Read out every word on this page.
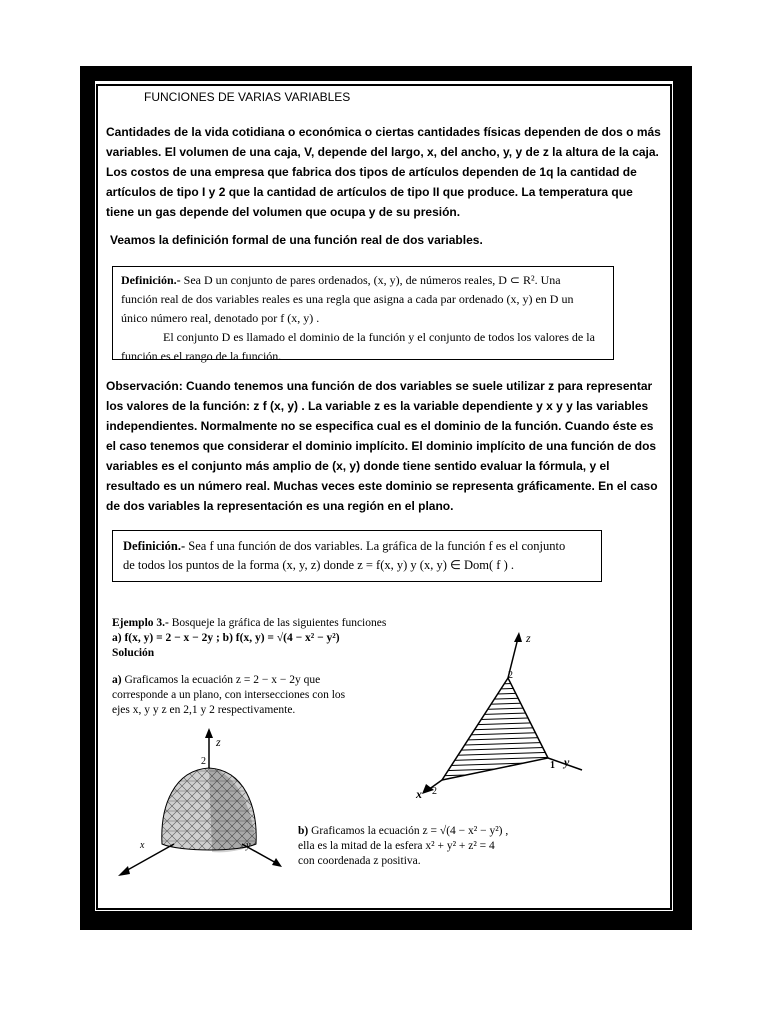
FUNCIONES DE VARIAS VARIABLES
Cantidades de la vida cotidiana o económica o ciertas cantidades físicas dependen de dos o más variables. El volumen de una caja, V, depende del largo, x, del ancho, y, y de z la altura de la caja. Los costos de una empresa que fabrica dos tipos de artículos dependen de 1q la cantidad de artículos de tipo I y 2 que la cantidad de artículos de tipo II que produce. La temperatura que tiene un gas depende del volumen que ocupa y de su presión.
Veamos la definición formal de una función real de dos variables.
Definición.- Sea D un conjunto de pares ordenados, (x, y), de números reales, D ⊂ R². Una
función real de dos variables reales es una regla que asigna a cada par ordenado (x, y) en D un
único número real, denotado por f (x, y) .
El conjunto D es llamado el dominio de la función y el conjunto de todos los valores de la
función es el rango de la función.
Observación: Cuando tenemos una función de dos variables se suele utilizar z para representar los valores de la función: z f (x, y) . La variable z es la variable dependiente y x y y las variables independientes. Normalmente no se especifica cual es el dominio de la función. Cuando éste es el caso tenemos que considerar el dominio implícito. El dominio implícito de una función de dos variables es el conjunto más amplio de (x, y) donde tiene sentido evaluar la fórmula, y el resultado es un número real. Muchas veces este dominio se representa gráficamente. En el caso de dos variables la representación es una región en el plano.
Definición.- Sea f una función de dos variables. La gráfica de la función f es el conjunto
de todos los puntos de la forma (x, y, z) donde z = f(x, y) y (x, y) ∈ Dom( f ) .
Ejemplo 3.- Bosqueje la gráfica de las siguientes funciones
a) f(x, y) = 2 − x − 2y ; b) f(x, y) = √(4 − x² − y²)
Solución
a) Graficamos la ecuación z = 2 − x − 2y que corresponde a un plano, con intersecciones con los ejes x, y y z en 2,1 y 2 respectivamente.
b) Graficamos la ecuación z = √(4 − x² − y²) ,
ella es la mitad de la esfera x² + y² + z² = 4
con coordenada z positiva.
z
2
x	y
z
2
1 y
2
x
